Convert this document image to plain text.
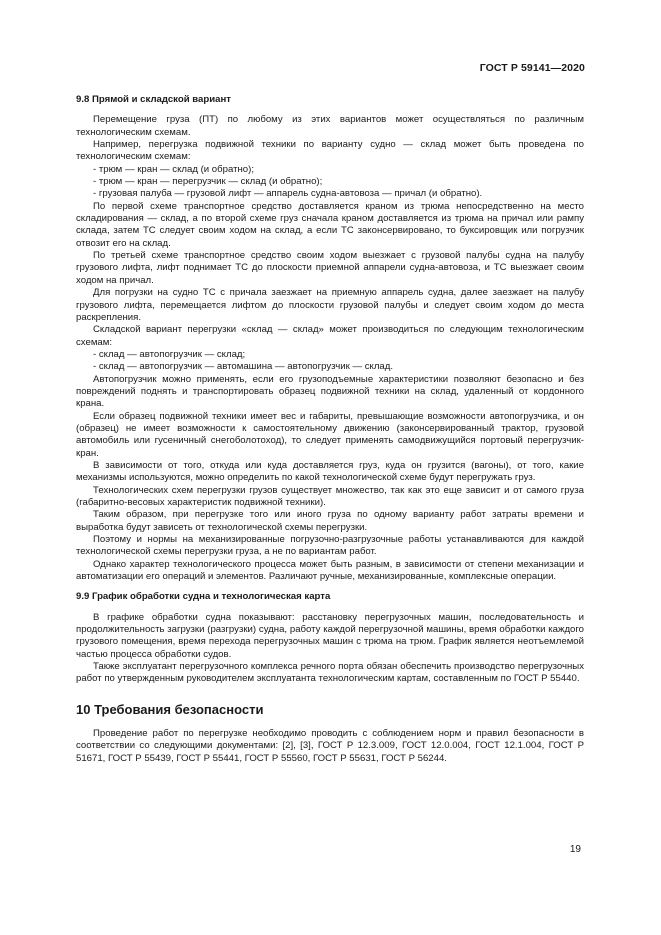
ГОСТ Р 59141—2020
9.8 Прямой и складской вариант

Перемещение груза (ПТ) по любому из этих вариантов может осуществляться по различным технологическим схемам.

Например, перегрузка подвижной техники по варианту судно — склад может быть проведена по технологическим схемам:

- трюм — кран — склад (и обратно);

- трюм — кран — перегрузчик — склад (и обратно);

- грузовая палуба — грузовой лифт — аппарель судна-автовоза — причал (и обратно).

По первой схеме транспортное средство доставляется краном из трюма непосредственно на место складирования — склад, а по второй схеме груз сначала краном доставляется из трюма на причал или рампу склада, затем ТС следует своим ходом на склад, а если ТС законсервировано, то буксировщик или погрузчик отвозит его на склад.

По третьей схеме транспортное средство своим ходом выезжает с грузовой палубы судна на палубу грузового лифта, лифт поднимает ТС до плоскости приемной аппарели судна-автовоза, и ТС выезжает своим ходом на причал.

Для погрузки на судно ТС с причала заезжает на приемную аппарель судна, далее заезжает на палубу грузового лифта, перемещается лифтом до плоскости грузовой палубы и следует своим ходом до места раскрепления.

Складской вариант перегрузки «склад — склад» может производиться по следующим технологическим схемам:

- склад — автопогрузчик — склад;

- склад — автопогрузчик — автомашина — автопогрузчик — склад.

Автопогрузчик можно применять, если его грузоподъемные характеристики позволяют безопасно и без повреждений поднять и транспортировать образец подвижной техники на склад, удаленный от кордонного крана.

Если образец подвижной техники имеет вес и габариты, превышающие возможности автопогрузчика, и он (образец) не имеет возможности к самостоятельному движению (законсервированный трактор, грузовой автомобиль или гусеничный снегоболотоход), то следует применять самодвижущийся портовый перегрузчик-кран.

В зависимости от того, откуда или куда доставляется груз, куда он грузится (вагоны), от того, какие механизмы используются, можно определить по какой технологической схеме будут перегружать груз.

Технологических схем перегрузки грузов существует множество, так как это еще зависит и от самого груза (габаритно-весовых характеристик подвижной техники).

Таким образом, при перегрузке того или иного груза по одному варианту работ затраты времени и выработка будут зависеть от технологической схемы перегрузки.

Поэтому и нормы на механизированные погрузочно-разгрузочные работы устанавливаются для каждой технологической схемы перегрузки груза, а не по вариантам работ.

Однако характер технологического процесса может быть разным, в зависимости от степени механизации и автоматизации его операций и элементов. Различают ручные, механизированные, комплексные операции.

9.9 График обработки судна и технологическая карта

В графике обработки судна показывают: расстановку перегрузочных машин, последовательность и продолжительность загрузки (разгрузки) судна, работу каждой перегрузочной машины, время обработки каждого грузового помещения, время перехода перегрузочных машин с трюма на трюм. График является неотъемлемой частью процесса обработки судов.

Также эксплуатант перегрузочного комплекса речного порта обязан обеспечить производство перегрузочных работ по утвержденным руководителем эксплуатанта технологическим картам, составленным по ГОСТ Р 55440.

10 Требования безопасности

Проведение работ по перегрузке необходимо проводить с соблюдением норм и правил безопасности в соответствии со следующими документами: [2], [3], ГОСТ Р 12.3.009, ГОСТ 12.0.004, ГОСТ 12.1.004, ГОСТ Р 51671, ГОСТ Р 55439, ГОСТ Р 55441, ГОСТ Р 55560, ГОСТ Р 55631, ГОСТ Р 56244.

19
